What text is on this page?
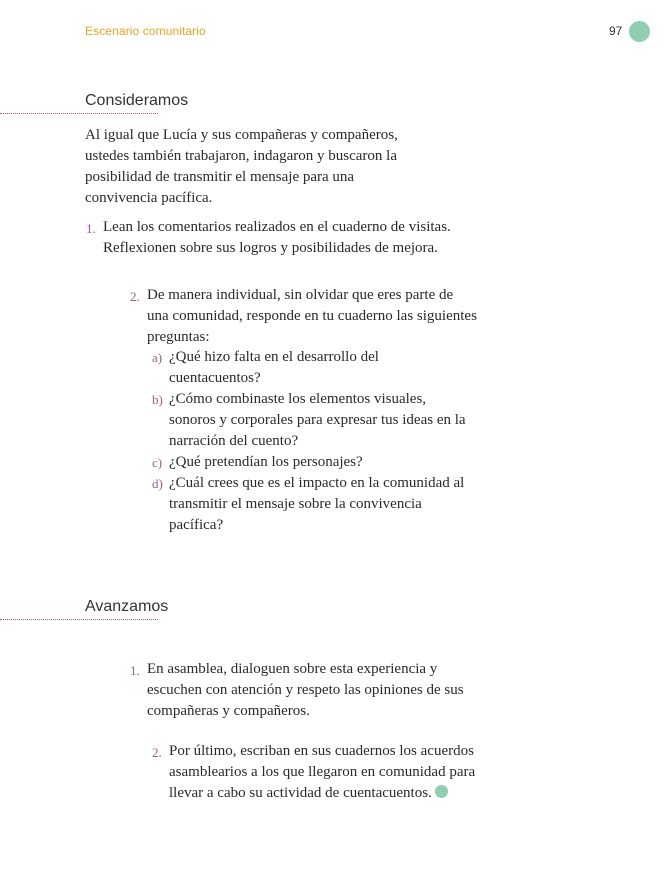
Escenario comunitario	97
Consideramos

Al igual que Lucía y sus compañeras y compañeros, ustedes también trabajaron, indagaron y buscaron la posibilidad de transmitir el mensaje para una convivencia pacífica.

1. Lean los comentarios realizados en el cuaderno de visitas. Reflexionen sobre sus logros y posibilidades de mejora.
2. De manera individual, sin olvidar que eres parte de una comunidad, responde en tu cuaderno las siguientes preguntas:
a) ¿Qué hizo falta en el desarrollo del cuentacuentos?
b) ¿Cómo combinaste los elementos visuales, sonoros y corporales para expresar tus ideas en la narración del cuento?
c) ¿Qué pretendían los personajes?
d) ¿Cuál crees que es el impacto en la comunidad al transmitir el mensaje sobre la convivencia pacífica?
Avanzamos
1. En asamblea, dialoguen sobre esta experiencia y escuchen con atención y respeto las opiniones de sus compañeras y compañeros.
2. Por último, escriban en sus cuadernos los acuerdos asamblearios a los que llegaron en comunidad para llevar a cabo su actividad de cuentacuentos.
